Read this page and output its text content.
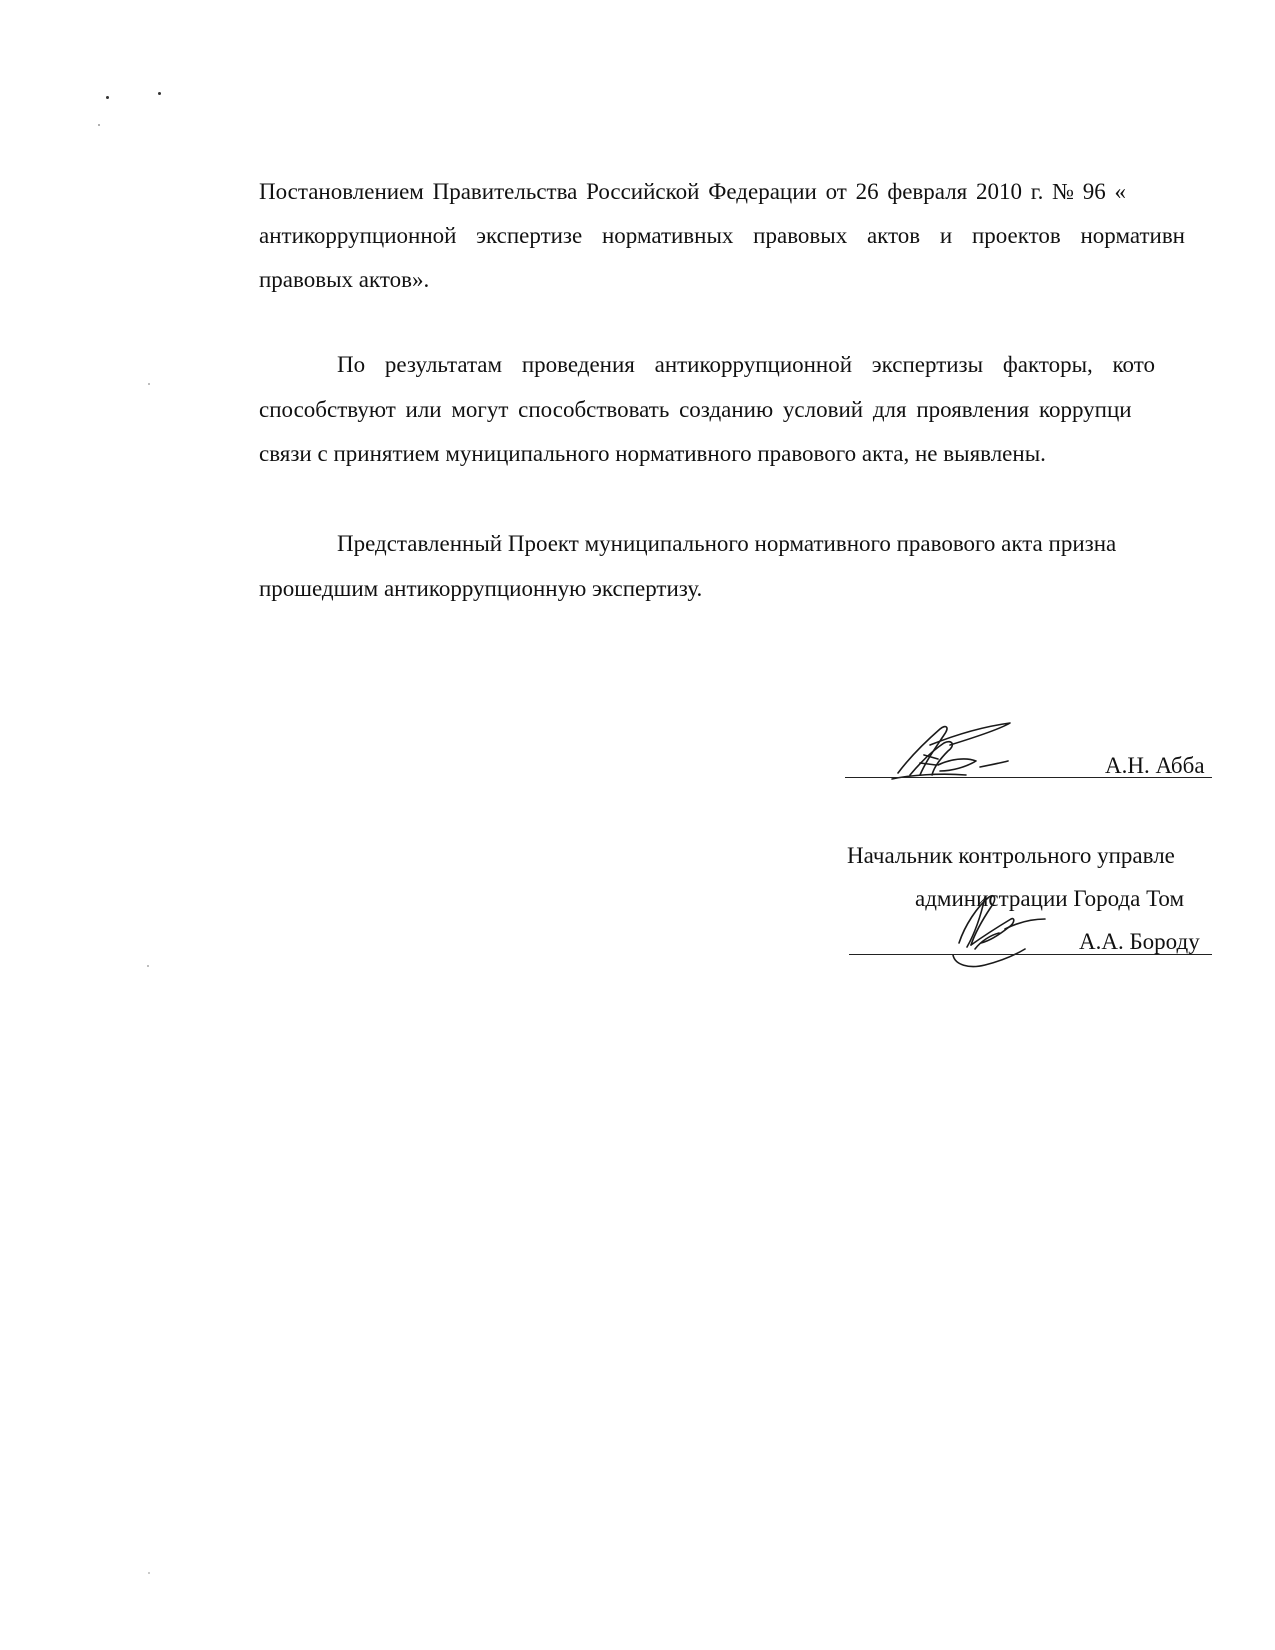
Постановлением Правительства Российской Федерации от 26 февраля 2010 г. № 96 «
антикоррупционной экспертизе нормативных правовых актов и проектов нормативн
правовых актов».
По результатам проведения антикоррупционной экспертизы факторы, кото
способствуют или могут способствовать созданию условий для проявления коррупци
связи с принятием муниципального нормативного правового акта, не выявлены.
Представленный Проект муниципального нормативного правового акта призна
прошедшим антикоррупционную экспертизу.
А.Н. Абба
Начальник контрольного управле
администрации Города Том
А.А. Бороду
